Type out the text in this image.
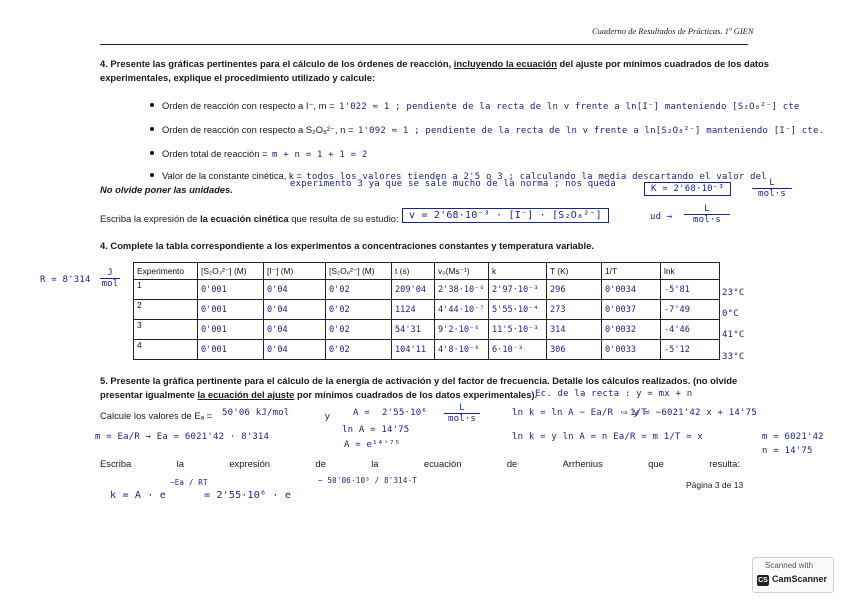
Cuaderno de Resultados de Prácticas. 1º GIEN
4. Presente las gráficas pertinentes para el cálculo de los órdenes de reacción, incluyendo la ecuación del ajuste por mínimos cuadrados de los datos
experimentales, explique el procedimiento utilizado y calcule:
Orden de reacción con respecto a I⁻, m = 1'022 ≈ 1 ; pendiente de la recta de ln v frente a ln[I⁻] manteniendo [S₂O₈²⁻] cte
Orden de reacción con respecto a S₂O₈²⁻, n = 1'092 ≈ 1 ; pendiente de la recta de ln v frente a ln[S₂O₈²⁻] manteniendo [I⁻] cte.
Orden total de reacción = m + n = 1 + 1 = 2
Valor de la constante cinética, k = todos los valores tienden a 2'5 o 3 ; calculando la media descartando el valor del
experimento 3 ya que se sale mucho de la norma ; nos queda	K = 2'68·10⁻³
L
mol·s
No olvide poner las unidades.
Escriba la expresión de la ecuación cinética que resulta de su estudio:	v = 2'68·10⁻³ · [I⁻] · [S₂O₈²⁻]	ud →
L
mol·s
4. Complete la tabla correspondiente a los experimentos a concentraciones constantes y temperatura variable.
R = 8'314
J
mol
Experimento	[S₂O₃²⁻] (M)	[I⁻] (M)	[S₂O₈²⁻] (M)	t (s)	v₀(Ms⁻¹)	k	T (K)	1/T	lnk
1	0'001	0'04	0'02	209'04	2'38·10⁻⁶	2'97·10⁻³	296	0'0034	-5'81
2	0'001	0'04	0'02	1124	4'44·10⁻⁷	5'55·10⁻⁴	273	0'0037	-7'49
3	0'001	0'04	0'02	54'31	9'2·10⁻⁶	11'5·10⁻³	314	0'0032	-4'46
4	0'001	0'04	0'02	104'11	4'8·10⁻⁶	6·10⁻³	306	0'0033	-5'12
23°C
0°C
41°C
33°C
5. Presente la gráfica pertinente para el cálculo de la energía de activación y del factor de frecuencia. Detalle los cálculos realizados. (no olvide
presentar igualmente la ecuación del ajuste por mínimos cuadrados de los datos experimentales).
Ec. de la recta : y = mx + n
Calcule los valores de Eₐ = 50'06 kJ/mol	y	A = 2'55·10⁶	L
mol·s
ln k = ln A − Ea/R · 1/T
⇒ y = −6021'42 x + 14'75
m = Ea/R → Ea = 6021'42 · 8'314
ln A = 14'75
A = e¹⁴'⁷⁵
ln k = y ln A = n Ea/R = m 1/T = x	m = 6021'42
n = 14'75
Escriba	la	expresión	de	la	ecuación	de	Arrhenius	que	resulta:
k = A · e
−Ea / RT
= 2'55·10⁶ · e
− 50'06·10³ / 8'314·T	Página 3 de 13
Scanned with
CS CamScanner
